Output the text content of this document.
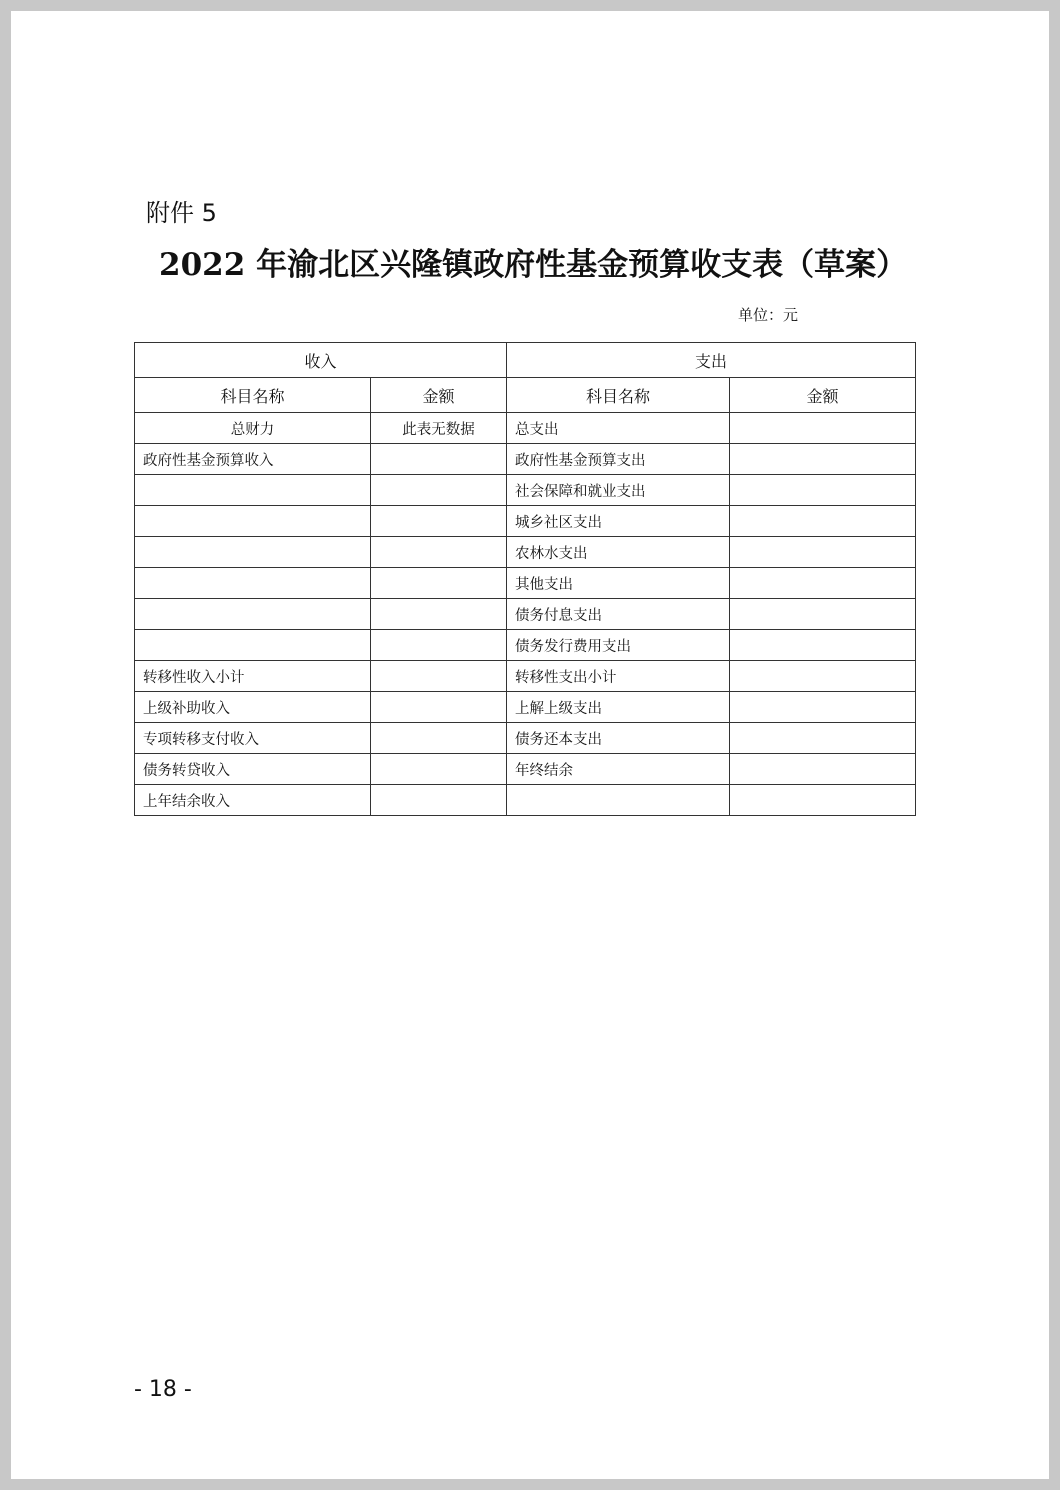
附件 5
2022 年渝北区兴隆镇政府性基金预算收支表（草案）
单位：元
收入		支出	
科目名称	金额	科目名称	金额
总财力	此表无数据	总支出	
政府性基金预算收入		政府性基金预算支出	
		社会保障和就业支出	
		城乡社区支出	
		农林水支出	
		其他支出	
		债务付息支出	
		债务发行费用支出	
转移性收入小计		转移性支出小计	
上级补助收入		上解上级支出	
专项转移支付收入		债务还本支出	
债务转贷收入		年终结余	
上年结余收入			
- 18 -
